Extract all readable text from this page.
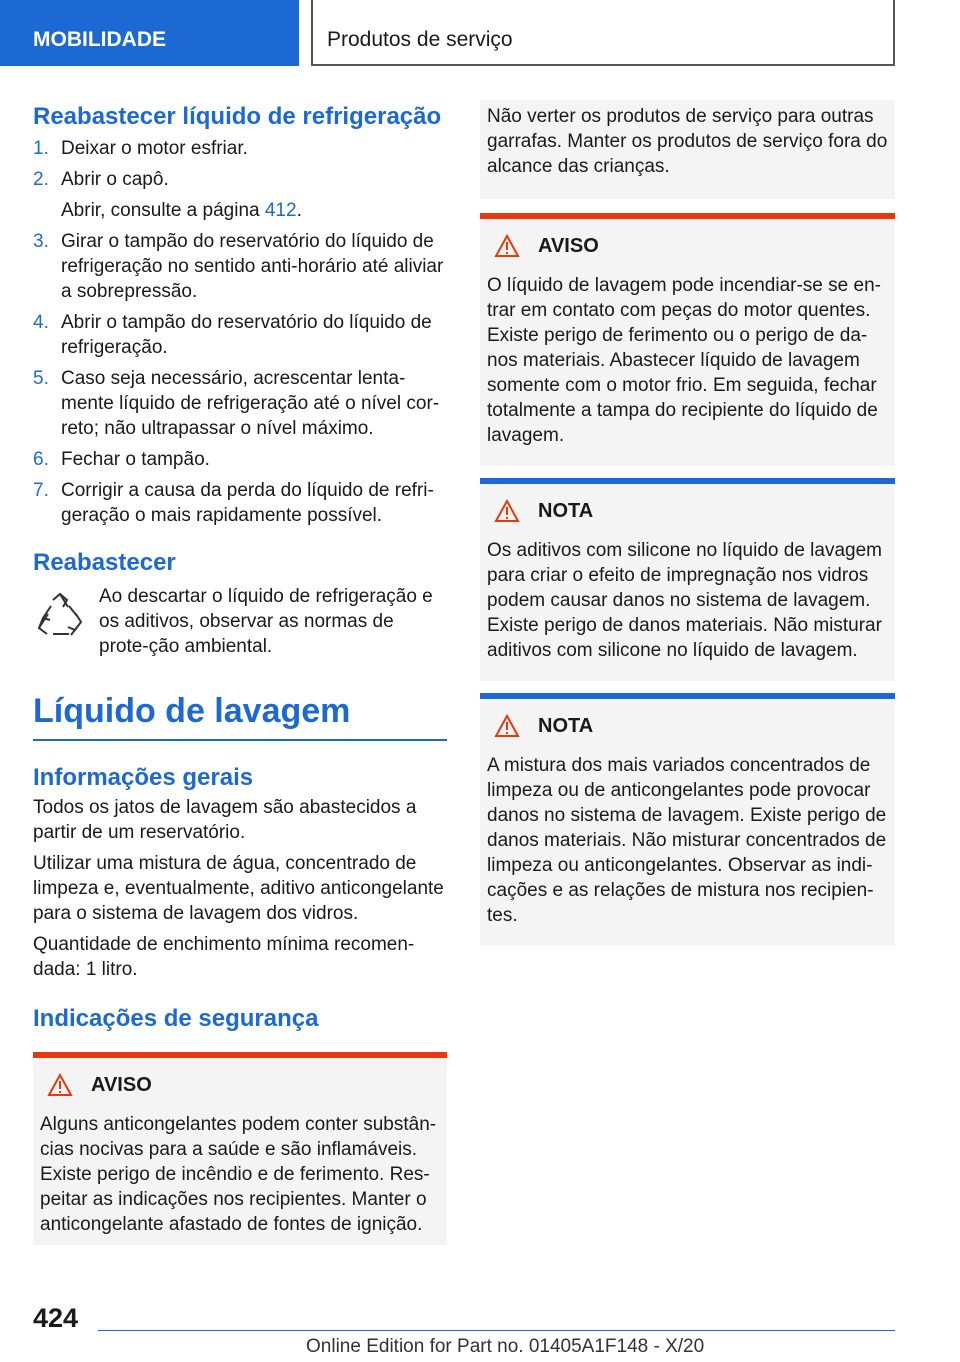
MOBILIDADE	Produtos de serviço
Reabastecer líquido de refrigeração
1. Deixar o motor esfriar.
2. Abrir o capô.
Abrir, consulte a página 412.
3. Girar o tampão do reservatório do líquido de refrigeração no sentido anti-horário até aliviar a sobrepressão.
4. Abrir o tampão do reservatório do líquido de refrigeração.
5. Caso seja necessário, acrescentar lenta-mente líquido de refrigeração até o nível cor-reto; não ultrapassar o nível máximo.
6. Fechar o tampão.
7. Corrigir a causa da perda do líquido de refri-geração o mais rapidamente possível.
Reabastecer

Ao descartar o líquido de refrigeração e os aditivos, observar as normas de prote-ção ambiental.

Líquido de lavagem
Informações gerais

Todos os jatos de lavagem são abastecidos a partir de um reservatório.

Utilizar uma mistura de água, concentrado de limpeza e, eventualmente, aditivo anticongelante para o sistema de lavagem dos vidros.

Quantidade de enchimento mínima recomen-dada: 1 litro.

Indicações de segurança
AVISO

Alguns anticongelantes podem conter substân-cias nocivas para a saúde e são inflamáveis. Existe perigo de incêndio e de ferimento. Res-peitar as indicações nos recipientes. Manter o anticongelante afastado de fontes de ignição.

Não verter os produtos de serviço para outras garrafas. Manter os produtos de serviço fora do alcance das crianças.

AVISO

O líquido de lavagem pode incendiar-se se en-trar em contato com peças do motor quentes. Existe perigo de ferimento ou o perigo de da-nos materiais. Abastecer líquido de lavagem somente com o motor frio. Em seguida, fechar totalmente a tampa do recipiente do líquido de lavagem.

NOTA

Os aditivos com silicone no líquido de lavagem para criar o efeito de impregnação nos vidros podem causar danos no sistema de lavagem. Existe perigo de danos materiais. Não misturar aditivos com silicone no líquido de lavagem.

NOTA

A mistura dos mais variados concentrados de limpeza ou de anticongelantes pode provocar danos no sistema de lavagem. Existe perigo de danos materiais. Não misturar concentrados de limpeza ou anticongelantes. Observar as indi-cações e as relações de mistura nos recipien-tes.

424
Online Edition for Part no. 01405A1F148 - X/20
